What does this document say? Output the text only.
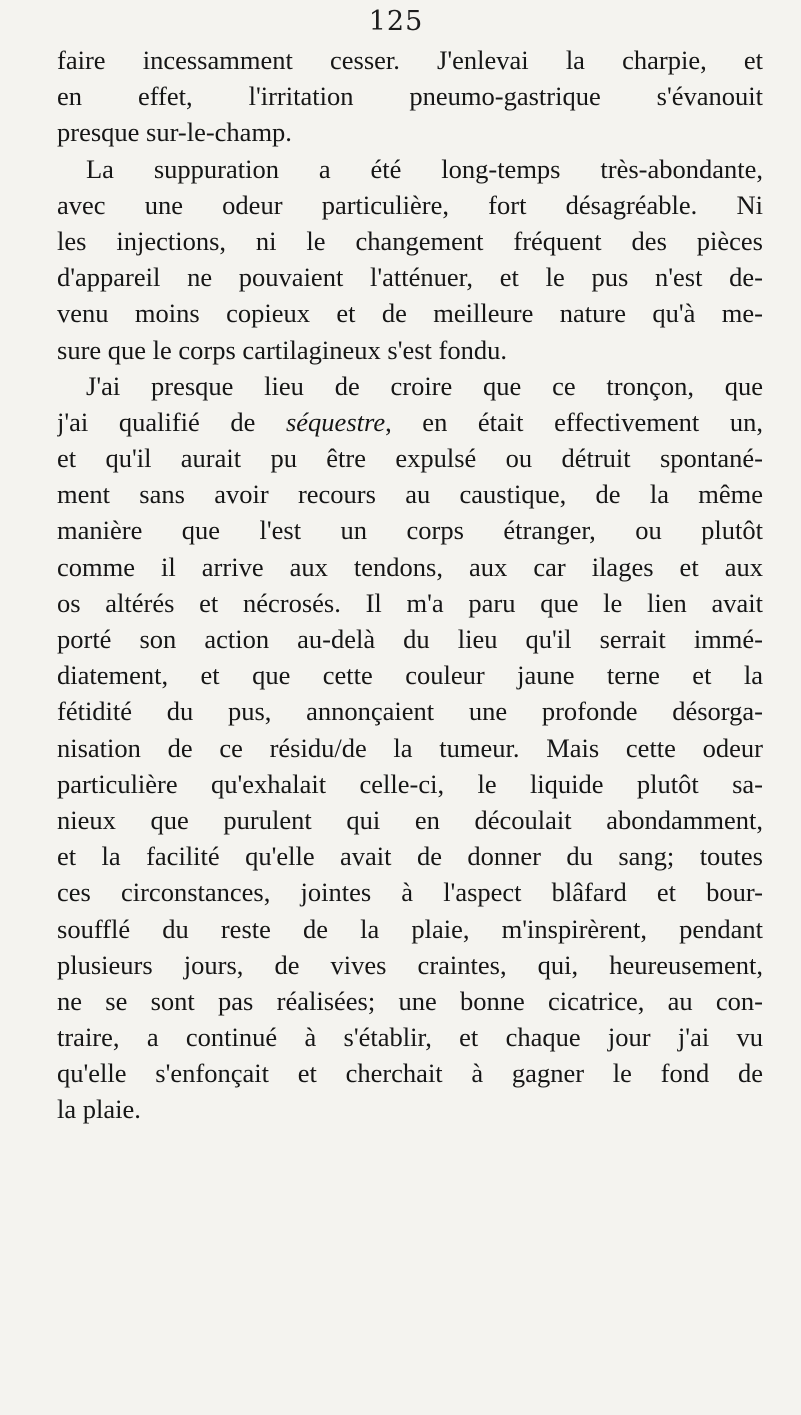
125
faire incessamment cesser. J'enlevai la charpie, et
en effet, l'irritation pneumo-gastrique s'évanouit
presque sur-le-champ.
La suppuration a été long-temps très-abondante,
avec une odeur particulière, fort désagréable. Ni
les injections, ni le changement fréquent des pièces
d'appareil ne pouvaient l'atténuer, et le pus n'est de-
venu moins copieux et de meilleure nature qu'à me-
sure que le corps cartilagineux s'est fondu.
J'ai presque lieu de croire que ce tronçon, que
j'ai qualifié de séquestre, en était effectivement un,
et qu'il aurait pu être expulsé ou détruit spontané-
ment sans avoir recours au caustique, de la même
manière que l'est un corps étranger, ou plutôt
comme il arrive aux tendons, aux car ilages et aux
os altérés et nécrosés. Il m'a paru que le lien avait
porté son action au-delà du lieu qu'il serrait immé-
diatement, et que cette couleur jaune terne et la
fétidité du pus, annonçaient une profonde désorga-
nisation de ce résidu/de la tumeur. Mais cette odeur
particulière qu'exhalait celle-ci, le liquide plutôt sa-
nieux que purulent qui en découlait abondamment,
et la facilité qu'elle avait de donner du sang; toutes
ces circonstances, jointes à l'aspect blâfard et bour-
soufflé du reste de la plaie, m'inspirèrent, pendant
plusieurs jours, de vives craintes, qui, heureusement,
ne se sont pas réalisées; une bonne cicatrice, au con-
traire, a continué à s'établir, et chaque jour j'ai vu
qu'elle s'enfonçait et cherchait à gagner le fond de
la plaie.
